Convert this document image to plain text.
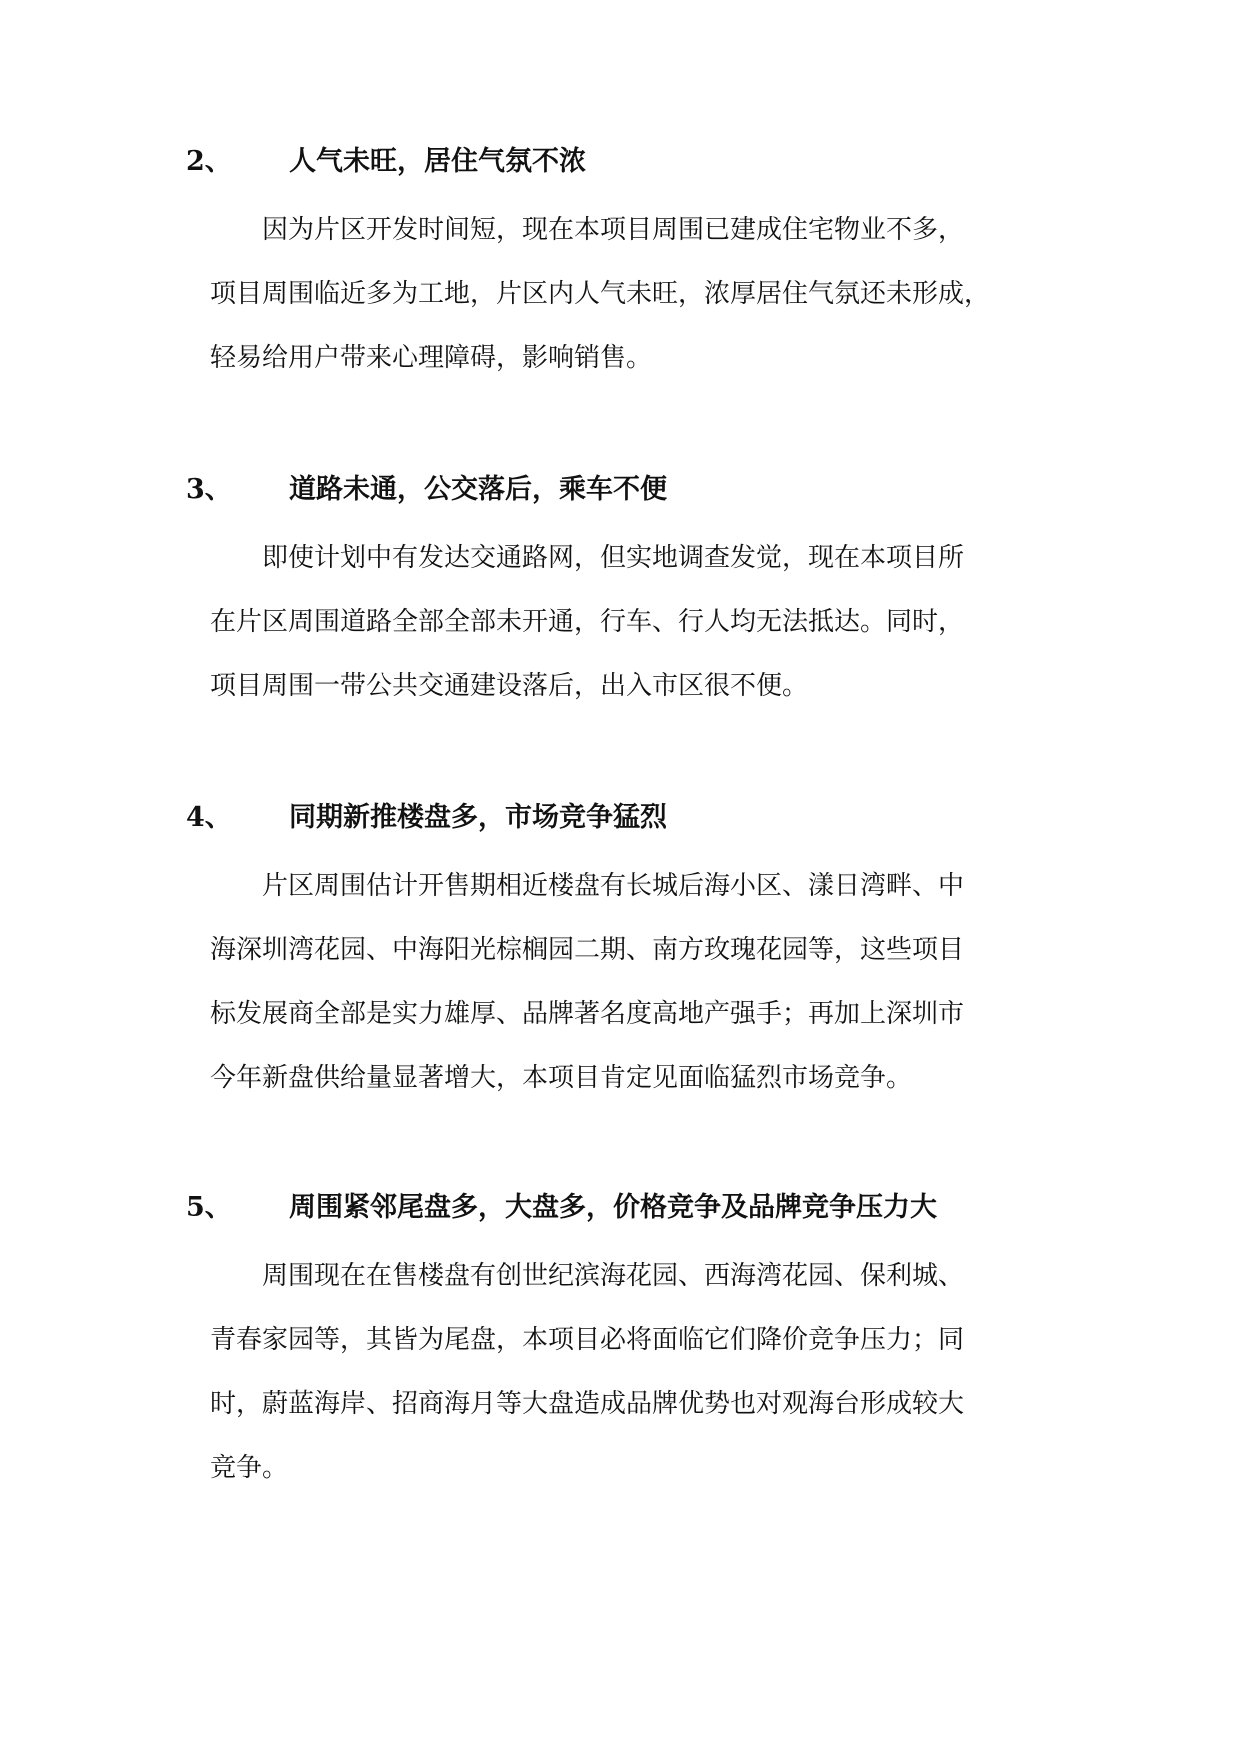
2、 人气未旺，居住气氛不浓
因为片区开发时间短，现在本项目周围已建成住宅物业不多，
项目周围临近多为工地，片区内人气未旺，浓厚居住气氛还未形成，
轻易给用户带来心理障碍，影响销售。
3、 道路未通，公交落后，乘车不便
即使计划中有发达交通路网，但实地调查发觉，现在本项目所
在片区周围道路全部全部未开通，行车、行人均无法抵达。同时，
项目周围一带公共交通建设落后，出入市区很不便。
4、 同期新推楼盘多，市场竞争猛烈
片区周围估计开售期相近楼盘有长城后海小区、漾日湾畔、中
海深圳湾花园、中海阳光棕榈园二期、南方玫瑰花园等，这些项目
标发展商全部是实力雄厚、品牌著名度高地产强手；再加上深圳市
今年新盘供给量显著增大，本项目肯定见面临猛烈市场竞争。
5、 周围紧邻尾盘多，大盘多，价格竞争及品牌竞争压力大
周围现在在售楼盘有创世纪滨海花园、西海湾花园、保利城、
青春家园等，其皆为尾盘，本项目必将面临它们降价竞争压力；同
时，蔚蓝海岸、招商海月等大盘造成品牌优势也对观海台形成较大
竞争。
